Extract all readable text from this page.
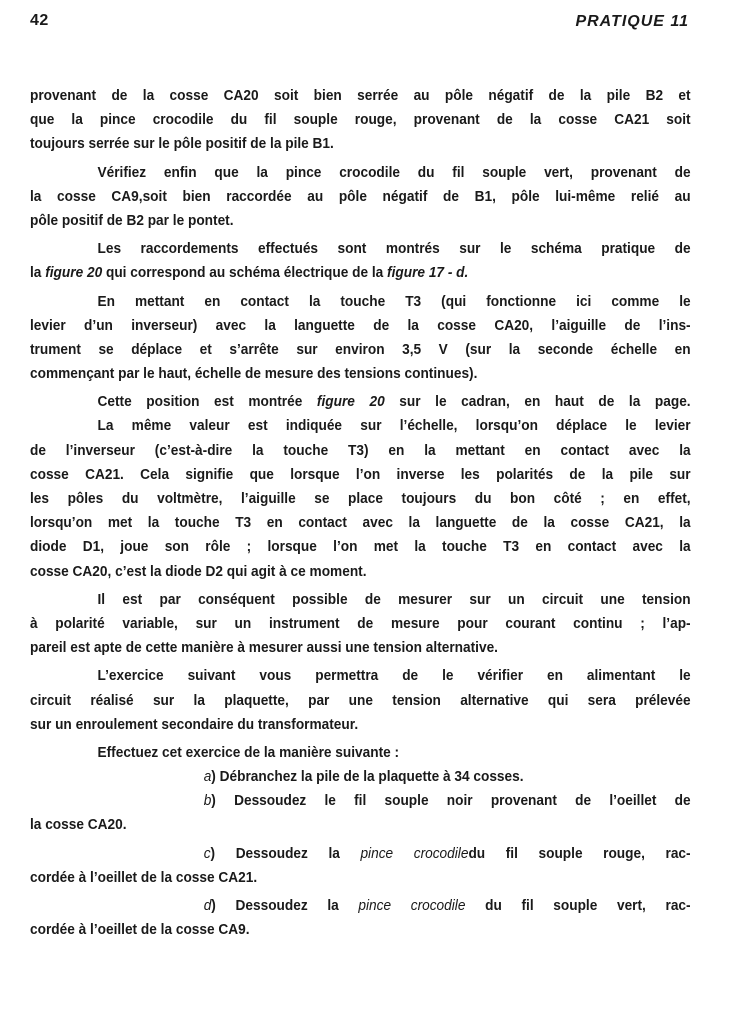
42	PRATIQUE 11
provenant de la cosse CA20 soit bien serrée au pôle négatif de la pile B2 et
que la pince crocodile du fil souple rouge, provenant de la cosse CA21 soit
toujours serrée sur le pôle positif de la pile B1.
Vérifiez enfin que la pince crocodile du fil souple vert, provenant de
la cosse CA9,soit bien raccordée au pôle négatif de B1, pôle lui-même relié au
pôle positif de B2 par le pontet.
Les raccordements effectués sont montrés sur le schéma pratique de
la figure 20 qui correspond au schéma électrique de la figure 17 - d.
En mettant en contact la touche T3 (qui fonctionne ici comme le
levier d’un inverseur) avec la languette de la cosse CA20, l’aiguille de l’ins-
trument se déplace et s’arrête sur environ 3,5 V (sur la seconde échelle en
commençant par le haut, échelle de mesure des tensions continues).
Cette position est montrée figure 20 sur le cadran, en haut de la page.
La même valeur est indiquée sur l’échelle, lorsqu’on déplace le levier
de l’inverseur (c’est-à-dire la touche T3) en la mettant en contact avec la
cosse CA21. Cela signifie que lorsque l’on inverse les polarités de la pile sur
les pôles du voltmètre, l’aiguille se place toujours du bon côté ; en effet,
lorsqu’on met la touche T3 en contact avec la languette de la cosse CA21, la
diode D1, joue son rôle ; lorsque l’on met la touche T3 en contact avec la
cosse CA20, c’est la diode D2 qui agit à ce moment.
Il est par conséquent possible de mesurer sur un circuit une tension
à polarité variable, sur un instrument de mesure pour courant continu ; l’ap-
pareil est apte de cette manière à mesurer aussi une tension alternative.
L’exercice suivant vous permettra de le vérifier en alimentant le
circuit réalisé sur la plaquette, par une tension alternative qui sera prélevée
sur un enroulement secondaire du transformateur.
Effectuez cet exercice de la manière suivante :
a) Débranchez la pile de la plaquette à 34 cosses.
b) Dessoudez le fil souple noir provenant de l’oeillet de
la cosse CA20.
c) Dessoudez la pince crocodiledu fil souple rouge, rac-
cordée à l’oeillet de la cosse CA21.
d) Dessoudez la pince crocodile du fil souple vert, rac-
cordée à l’oeillet de la cosse CA9.
